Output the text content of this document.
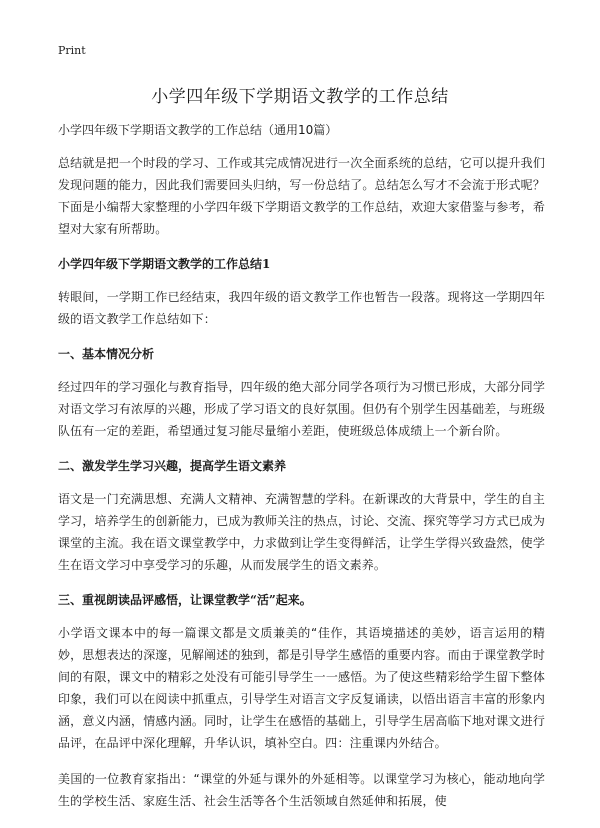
Print
小学四年级下学期语文教学的工作总结
小学四年级下学期语文教学的工作总结（通用10篇）
总结就是把一个时段的学习、工作或其完成情况进行一次全面系统的总结，它可以提升我们发现问题的能力，因此我们需要回头归纳，写一份总结了。总结怎么写才不会流于形式呢？下面是小编帮大家整理的小学四年级下学期语文教学的工作总结，欢迎大家借鉴与参考，希望对大家有所帮助。
小学四年级下学期语文教学的工作总结1
转眼间，一学期工作已经结束，我四年级的语文教学工作也暂告一段落。现将这一学期四年级的语文教学工作总结如下：
一、基本情况分析
经过四年的学习强化与教育指导，四年级的绝大部分同学各项行为习惯已形成，大部分同学对语文学习有浓厚的兴趣，形成了学习语文的良好氛围。但仍有个别学生因基础差，与班级队伍有一定的差距，希望通过复习能尽量缩小差距，使班级总体成绩上一个新台阶。
二、激发学生学习兴趣，提高学生语文素养
语文是一门充满思想、充满人文精神、充满智慧的学科。在新课改的大背景中，学生的自主学习，培养学生的创新能力，已成为教师关注的热点，讨论、交流、探究等学习方式已成为课堂的主流。我在语文课堂教学中，力求做到让学生变得鲜活，让学生学得兴致盎然，使学生在语文学习中享受学习的乐趣，从而发展学生的语文素养。
三、重视朗读品评感悟，让课堂教学“活”起来。
小学语文课本中的每一篇课文都是文质兼美的“佳作，其语境描述的美妙，语言运用的精妙，思想表达的深邃，见解阐述的独到，都是引导学生感悟的重要内容。而由于课堂教学时间的有限，课文中的精彩之处没有可能引导学生一一感悟。为了使这些精彩给学生留下整体印象，我们可以在阅读中抓重点，引导学生对语言文字反复诵读，以悟出语言丰富的形象内涵，意义内涵，情感内涵。同时，让学生在感悟的基础上，引导学生居高临下地对课文进行品评，在品评中深化理解，升华认识，填补空白。四：注重课内外结合。
美国的一位教育家指出：“课堂的外延与课外的外延相等。以课堂学习为核心，能动地向学生的学校生活、家庭生活、社会生活等各个生活领域自然延伸和拓展，使
